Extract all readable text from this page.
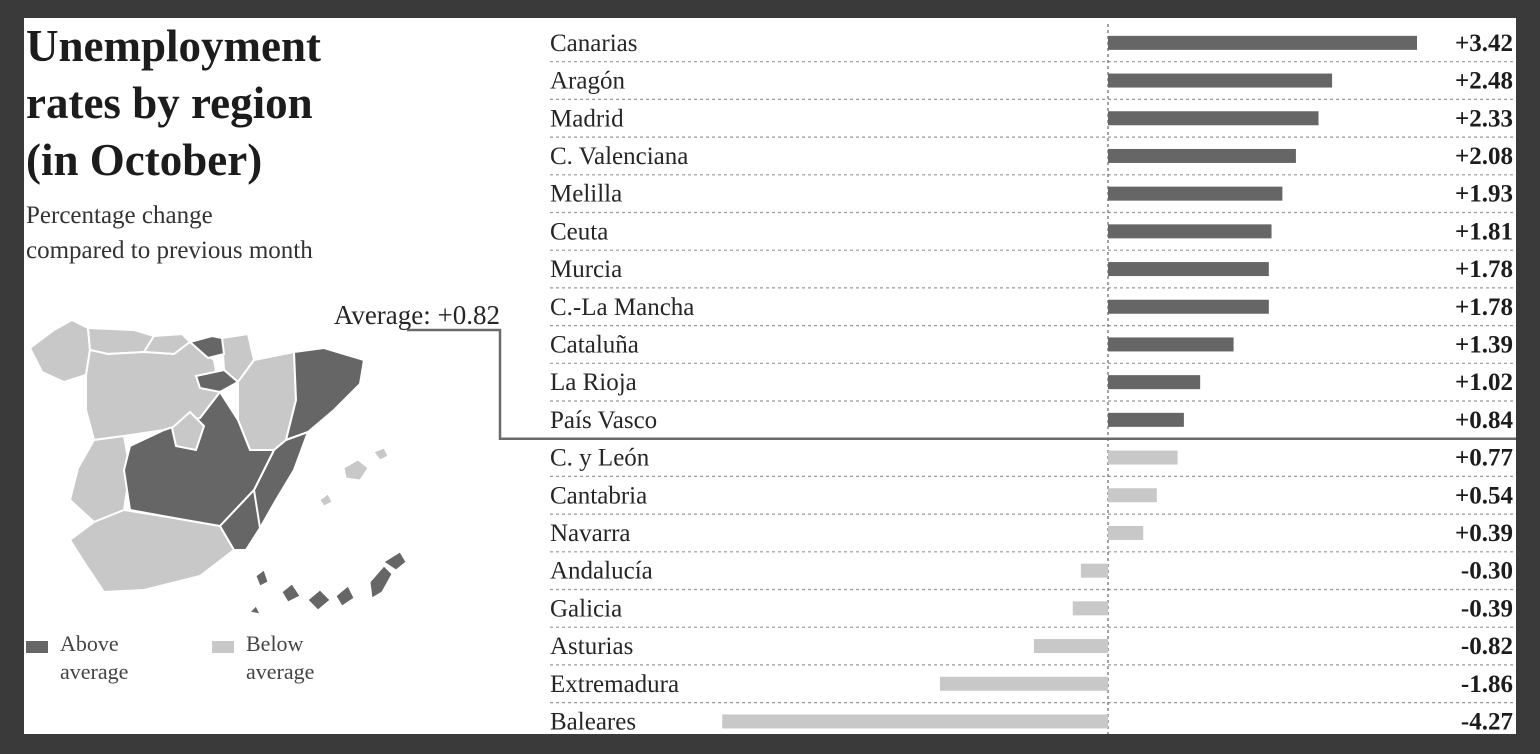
Unemployment
rates by region
(in October)

Percentage change
compared to previous month

Above
average
Below
average
Canarias	+3.42
Aragón	+2.48
Madrid	+2.33
C. Valenciana	+2.08
Melilla	+1.93
Ceuta	+1.81
Murcia	+1.78
C.-La Mancha	+1.78
Cataluña	+1.39
La Rioja	+1.02
País Vasco	+0.84
C. y León	+0.77
Cantabria	+0.54
Navarra	+0.39
Andalucía	-0.30
Galicia	-0.39
Asturias	-0.82
Extremadura	-1.86
Baleares	-4.27
Average: +0.82
